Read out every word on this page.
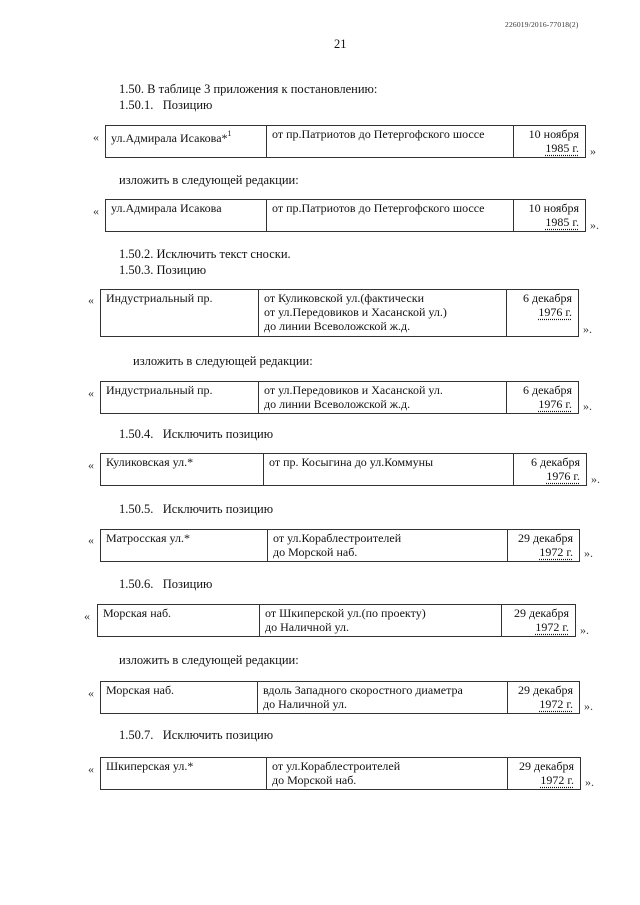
226019/2016-77018(2)
21
1.50. В таблице 3 приложения к постановлению:
1.50.1.   Позицию
«	ул.Адмирала Исакова*$^1$	от пр.Патриотов до Петергофского шоссе	10 ноября
1985 г. »
изложить в следующей редакции:
«	ул.Адмирала Исакова	от пр.Патриотов до Петергофского шоссе	10 ноября
1985 г. ».
1.50.2. Исключить текст сноски.
1.50.3. Позицию
«	Индустриальный пр.	от Куликовской ул.(фактически
от ул.Передовиков и Хасанской ул.)
до линии Всеволожской ж.д.
6 декабря
1976 г.
».
изложить в следующей редакции:
«	Индустриальный пр.	от ул.Передовиков и Хасанской ул.
до линии Всеволожской ж.д.
6 декабря
1976 г. ».
1.50.4.   Исключить позицию
«	Куликовская ул.*	от пр. Косыгина до ул.Коммуны	6 декабря
1976 г. ».
1.50.5.   Исключить позицию
«	Матросская ул.*	от ул.Кораблестроителей
до Морской наб.
29 декабря
1972 г. ».
1.50.6.   Позицию
«	Морская наб.	от Шкиперской ул.(по проекту)
до Наличной ул.
29 декабря
1972 г. ».
изложить в следующей редакции:
«	Морская наб.	вдоль Западного скоростного диаметра
до Наличной ул.
29 декабря
1972 г. ».
1.50.7.   Исключить позицию
«	Шкиперская ул.*	от ул.Кораблестроителей
до Морской наб.
29 декабря
1972 г. ».
